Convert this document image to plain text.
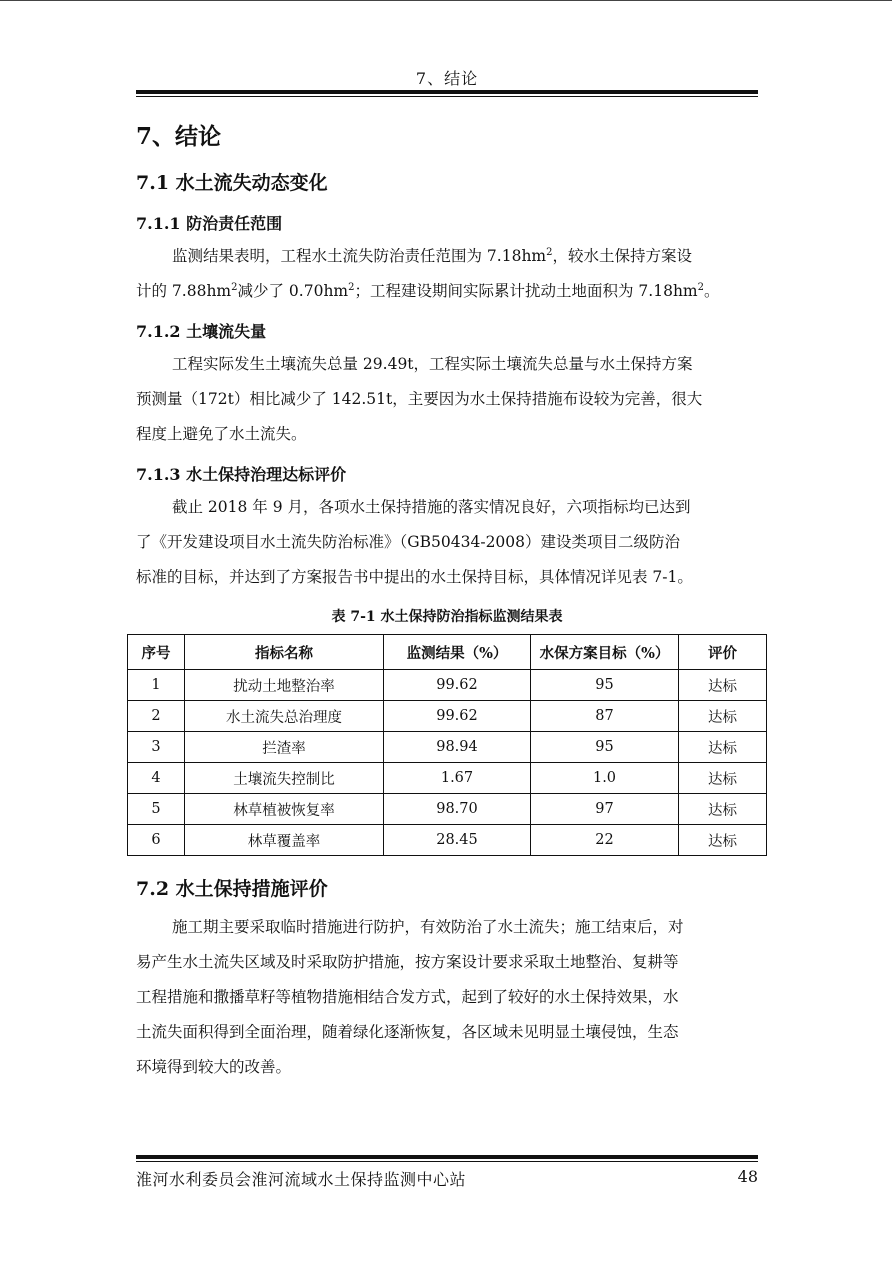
7、结论
7、结论
7.1 水土流失动态变化
7.1.1 防治责任范围
监测结果表明，工程水土流失防治责任范围为 $7.18hm^2$，较水土保持方案设
计的 $7.88hm^2$减少了 $0.70hm^2$；工程建设期间实际累计扰动土地面积为 $7.18hm^2$。
7.1.2 土壤流失量
工程实际发生土壤流失总量 29.49t，工程实际土壤流失总量与水土保持方案
预测量（172t）相比减少了 142.51t，主要因为水土保持措施布设较为完善，很大
程度上避免了水土流失。
7.1.3 水土保持治理达标评价
截止 2018 年 9 月，各项水土保持措施的落实情况良好，六项指标均已达到
了《开发建设项目水土流失防治标准》（GB50434-2008）建设类项目二级防治
标准的目标，并达到了方案报告书中提出的水土保持目标，具体情况详见表 7-1。
表 7-1 水土保持防治指标监测结果表
序号	指标名称	监测结果（%）	水保方案目标（%）	评价
1	扰动土地整治率	99.62	95	达标
2	水土流失总治理度	99.62	87	达标
3	拦渣率	98.94	95	达标
4	土壤流失控制比	1.67	1.0	达标
5	林草植被恢复率	98.70	97	达标
6	林草覆盖率	28.45	22	达标
7.2 水土保持措施评价
施工期主要采取临时措施进行防护，有效防治了水土流失；施工结束后，对
易产生水土流失区域及时采取防护措施，按方案设计要求采取土地整治、复耕等
工程措施和撒播草籽等植物措施相结合发方式，起到了较好的水土保持效果，水
土流失面积得到全面治理，随着绿化逐渐恢复，各区域未见明显土壤侵蚀，生态
环境得到较大的改善。
淮河水利委员会淮河流域水土保持监测中心站	48
